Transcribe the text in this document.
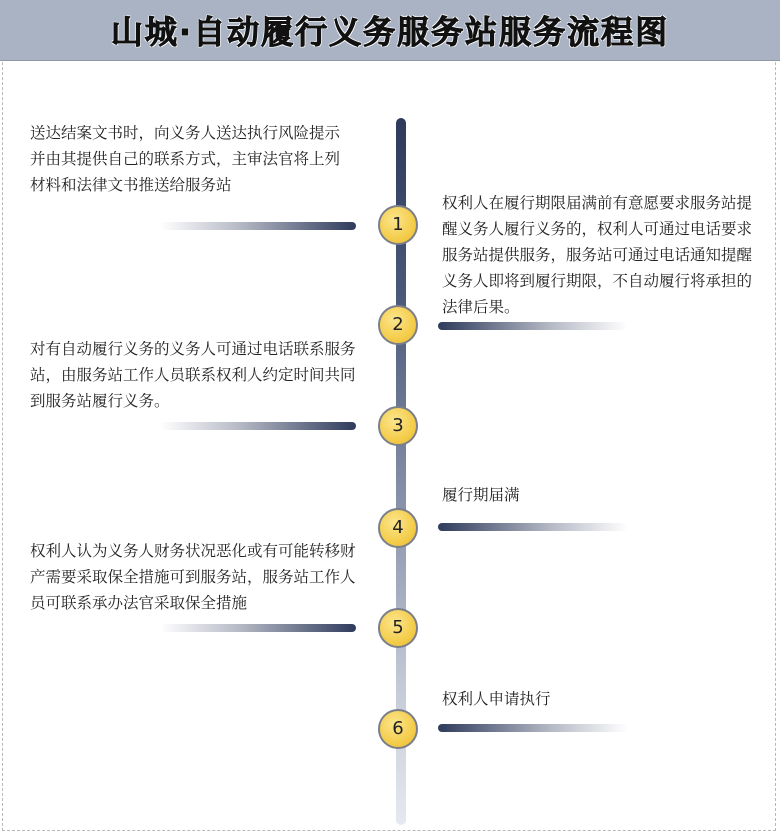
山城·自动履行义务服务站服务流程图
送达结案文书时，向义务人送达执行风险提示并由其提供自己的联系方式，主审法官将上列材料和法律文书推送给服务站
1
权利人在履行期限届满前有意愿要求服务站提醒义务人履行义务的，权利人可通过电话要求服务站提供服务，服务站可通过电话通知提醒义务人即将到履行期限，不自动履行将承担的法律后果。
2
对有自动履行义务的义务人可通过电话联系服务站，由服务站工作人员联系权利人约定时间共同到服务站履行义务。
3
履行期届满
4
权利人认为义务人财务状况恶化或有可能转移财产需要采取保全措施可到服务站，服务站工作人员可联系承办法官采取保全措施
5
权利人申请执行
6
